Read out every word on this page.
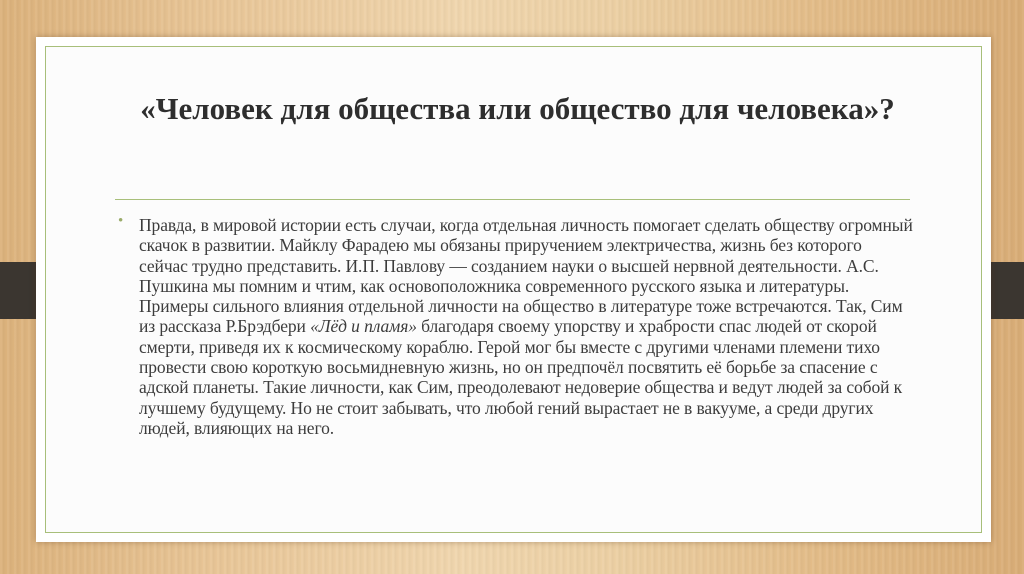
«Человек для общества или общество для человека»?
• Правда, в мировой истории есть случаи, когда отдельная личность помогает сделать обществу огромный скачок в развитии. Майклу Фарадею мы обязаны приручением электричества, жизнь без которого сейчас трудно представить. И.П. Павлову — созданием науки о высшей нервной деятельности. А.С. Пушкина мы помним и чтим, как основоположника современного русского языка и литературы. Примеры сильного влияния отдельной личности на общество в литературе тоже встречаются. Так, Сим из рассказа Р.Брэдбери «Лёд и пламя» благодаря своему упорству и храбрости спас людей от скорой смерти, приведя их к космическому кораблю. Герой мог бы вместе с другими членами племени тихо провести свою короткую восьмидневную жизнь, но он предпочёл посвятить её борьбе за спасение с адской планеты. Такие личности, как Сим, преодолевают недоверие общества и ведут людей за собой к лучшему будущему. Но не стоит забывать, что любой гений вырастает не в вакууме, а среди других людей, влияющих на него.
